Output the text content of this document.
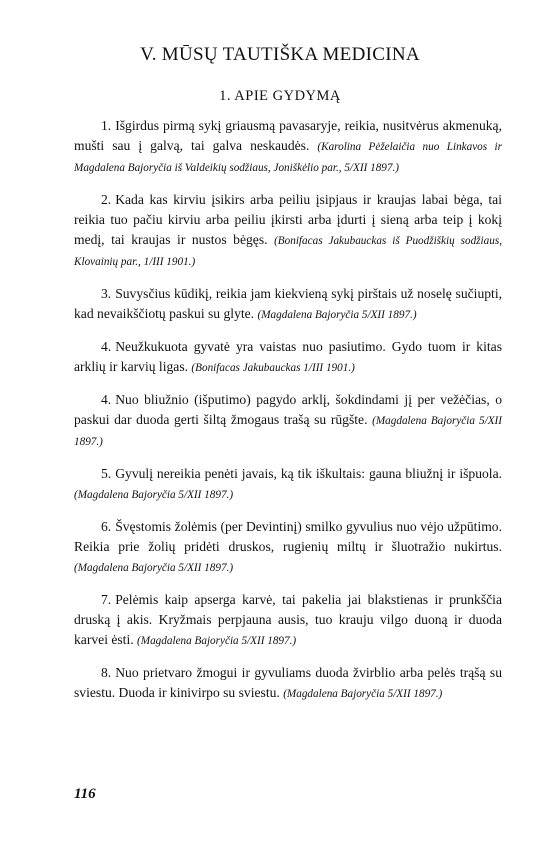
V. MŪSŲ TAUTIŠKA MEDICINA
1. APIE GYDYMĄ

1. Išgirdus pirmą sykį griausmą pavasaryje, reikia, nusitvėrus akmenuką, mušti sau į galvą, tai galva neskaudės. (Karolina Pėželaičia nuo Linkavos ir Magdalena Bajoryčia iš Valdeikių sodžiaus, Joniškėlio par., 5/XII 1897.)

2. Kada kas kirviu įsikirs arba peiliu įsipjaus ir kraujas labai bėga, tai reikia tuo pačiu kirviu arba peiliu įkirsti arba įdurti į sieną arba teip į kokį medį, tai kraujas ir nustos bėgęs. (Bonifacas Jakubauckas iš Puodžiškių sodžiaus, Klovainių par., 1/III 1901.)

3. Suvysčius kūdikį, reikia jam kiekvieną sykį pirštais už noselę sučiupti, kad nevaikščiotų paskui su glyte. (Magdalena Bajoryčia 5/XII 1897.)

4. Neužkukuota gyvatė yra vaistas nuo pasiutimo. Gydo tuom ir kitas arklių ir karvių ligas. (Bonifacas Jakubauckas 1/III 1901.)

4. Nuo bliužnio (išputimo) pagydo arklį, šokdindami jį per vežėčias, o paskui dar duoda gerti šiltą žmogaus trašą su rūgšte. (Magdalena Bajoryčia 5/XII 1897.)

5. Gyvulį nereikia penėti javais, ką tik iškultais: gauna bliužnį ir išpuola. (Magdalena Bajoryčia 5/XII 1897.)

6. Švęstomis žolėmis (per Devintinį) smilko gyvulius nuo vėjo užpūtimo. Reikia prie žolių pridėti druskos, rugienių miltų ir šluotražio nukirtus. (Magdalena Bajoryčia 5/XII 1897.)

7. Pelėmis kaip apserga karvė, tai pakelia jai blakstienas ir prunkščia druską į akis. Kryžmais perpjauna ausis, tuo krauju vilgo duoną ir duoda karvei ėsti. (Magdalena Bajoryčia 5/XII 1897.)

8. Nuo prietvaro žmogui ir gyvuliams duoda žvirblio arba pelės trąšą su sviestu. Duoda ir kinivirpo su sviestu. (Magdalena Bajoryčia 5/XII 1897.)

116
